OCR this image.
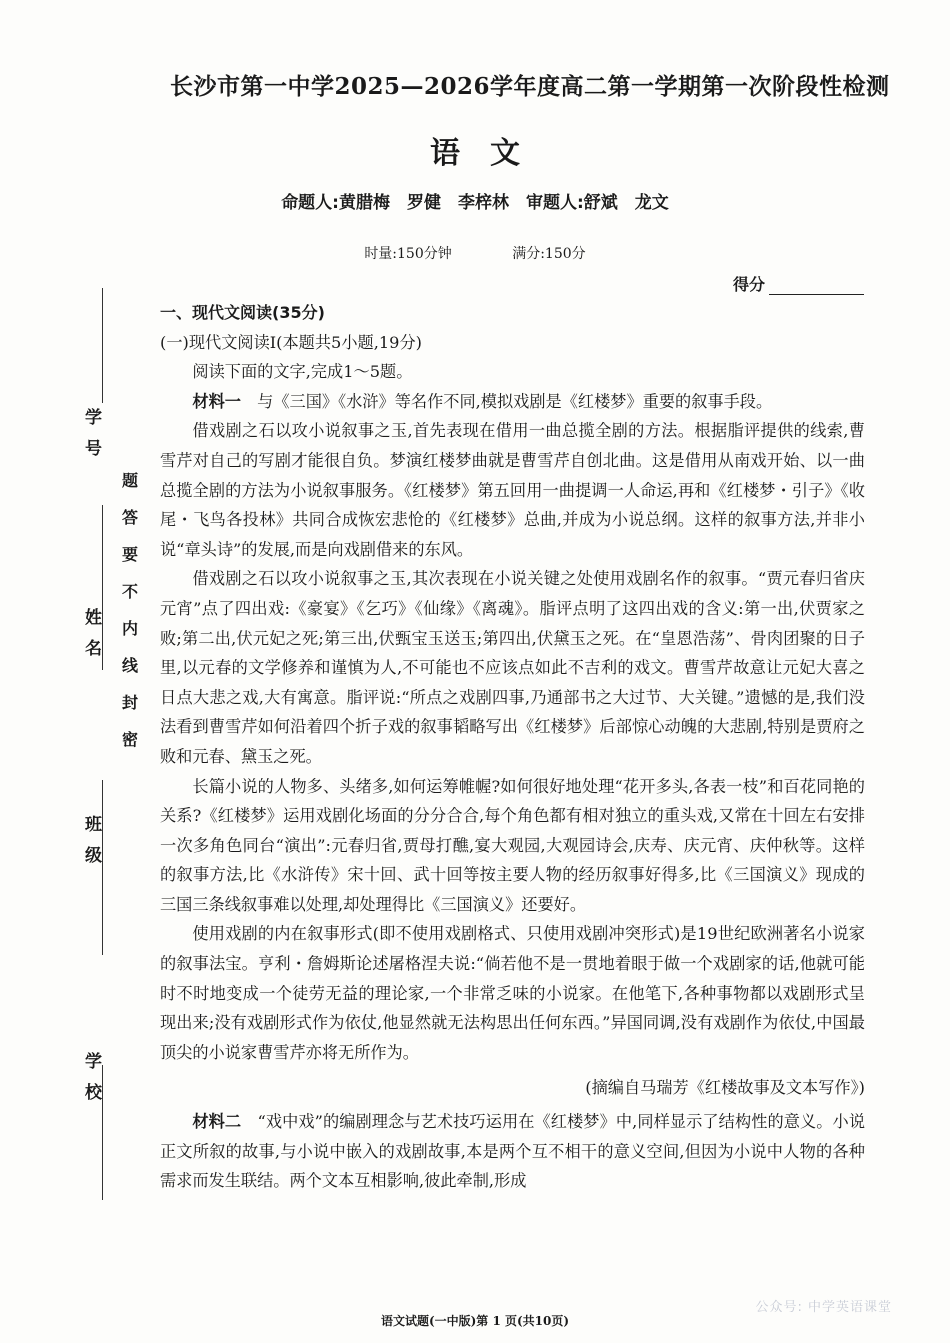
学号
姓名
班级
学校
题
答
要
不
内
线
封
密
长沙市第一中学2025—2026学年度高二第一学期第一次阶段性检测
语文
命题人:黄腊梅　罗健　李梓林　审题人:舒斌　龙文
时量:150分钟	满分:150分
得分

一、现代文阅读(35分)

(一)现代文阅读Ⅰ(本题共5小题,19分)

阅读下面的文字,完成1～5题。

材料一　 与《三国》《水浒》等名作不同,模拟戏剧是《红楼梦》重要的叙事手段。

借戏剧之石以攻小说叙事之玉,首先表现在借用一曲总揽全剧的方法。根据脂评提供的线索,曹雪芹对自己的写剧才能很自负。梦演红楼梦曲就是曹雪芹自创北曲。这是借用从南戏开始、以一曲总揽全剧的方法为小说叙事服务。《红楼梦》第五回用一曲提调一人命运,再和《红楼梦・引子》《收尾・飞鸟各投林》共同合成恢宏悲怆的《红楼梦》总曲,并成为小说总纲。这样的叙事方法,并非小说“章头诗”的发展,而是向戏剧借来的东风。

借戏剧之石以攻小说叙事之玉,其次表现在小说关键之处使用戏剧名作的叙事。“贾元春归省庆元宵”点了四出戏:《豪宴》《乞巧》《仙缘》《离魂》。脂评点明了这四出戏的含义:第一出,伏贾家之败;第二出,伏元妃之死;第三出,伏甄宝玉送玉;第四出,伏黛玉之死。在“皇恩浩荡”、骨肉团聚的日子里,以元春的文学修养和谨慎为人,不可能也不应该点如此不吉利的戏文。曹雪芹故意让元妃大喜之日点大悲之戏,大有寓意。脂评说:“所点之戏剧四事,乃通部书之大过节、大关键。”遗憾的是,我们没法看到曹雪芹如何沿着四个折子戏的叙事韬略写出《红楼梦》后部惊心动魄的大悲剧,特别是贾府之败和元春、黛玉之死。

长篇小说的人物多、头绪多,如何运筹帷幄?如何很好地处理“花开多头,各表一枝”和百花同艳的关系?《红楼梦》运用戏剧化场面的分分合合,每个角色都有相对独立的重头戏,又常在十回左右安排一次多角色同台“演出”:元春归省,贾母打醮,宴大观园,大观园诗会,庆寿、庆元宵、庆仲秋等。这样的叙事方法,比《水浒传》宋十回、武十回等按主要人物的经历叙事好得多,比《三国演义》现成的三国三条线叙事难以处理,却处理得比《三国演义》还要好。

使用戏剧的内在叙事形式(即不使用戏剧格式、只使用戏剧冲突形式)是19世纪欧洲著名小说家的叙事法宝。亨利・詹姆斯论述屠格涅夫说:“倘若他不是一贯地着眼于做一个戏剧家的话,他就可能时不时地变成一个徒劳无益的理论家,一个非常乏味的小说家。在他笔下,各种事物都以戏剧形式呈现出来;没有戏剧形式作为依仗,他显然就无法构思出任何东西。”异国同调,没有戏剧作为依仗,中国最顶尖的小说家曹雪芹亦将无所作为。

(摘编自马瑞芳《红楼故事及文本写作》)

材料二　 “戏中戏”的编剧理念与艺术技巧运用在《红楼梦》中,同样显示了结构性的意义。小说正文所叙的故事,与小说中嵌入的戏剧故事,本是两个互不相干的意义空间,但因为小说中人物的各种需求而发生联结。两个文本互相影响,彼此牵制,形成

公众号: 中学英语课堂
语文试题(一中版)第 1 页(共10页)
